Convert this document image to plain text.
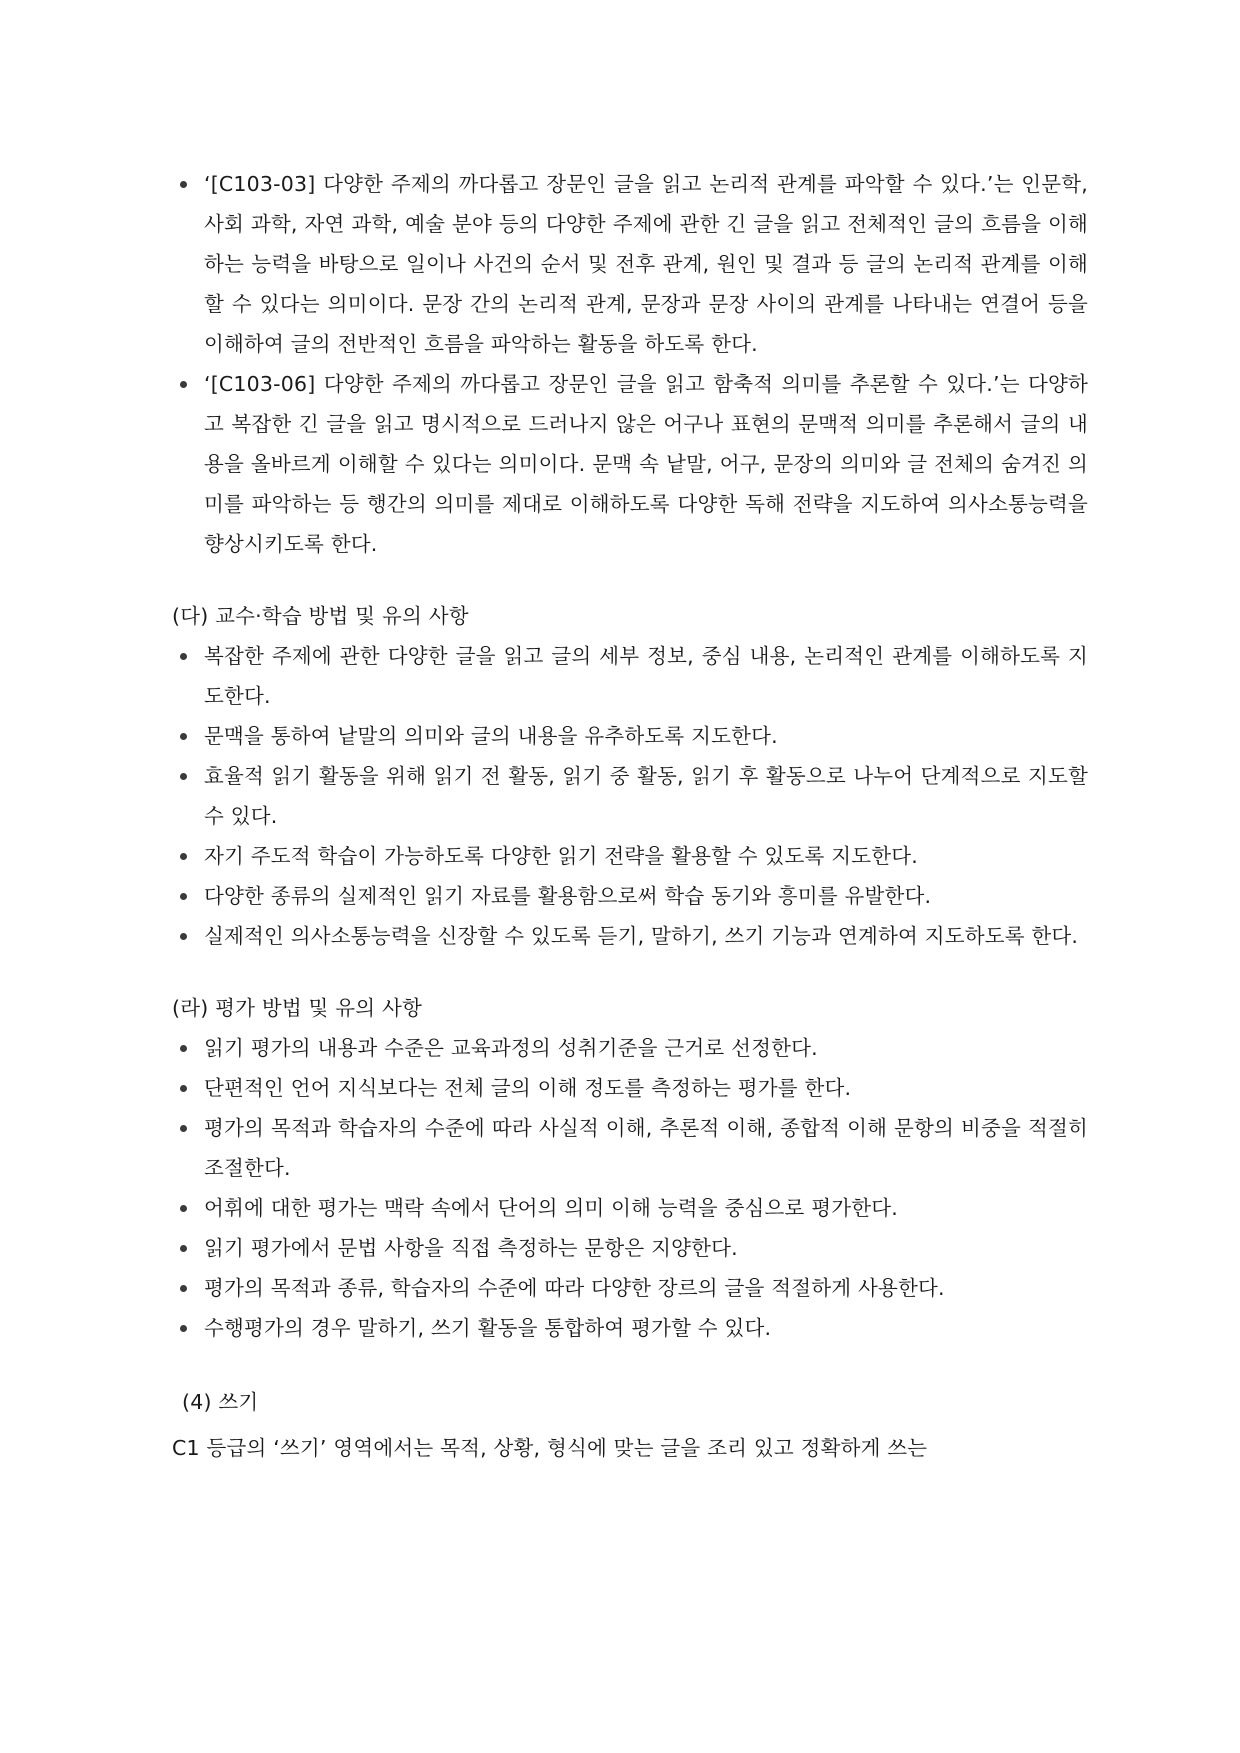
‘[C103-03] 다양한 주제의 까다롭고 장문인 글을 읽고 논리적 관계를 파악할 수 있다.’는 인문학, 사회 과학, 자연 과학, 예술 분야 등의 다양한 주제에 관한 긴 글을 읽고 전체적인 글의 흐름을 이해하는 능력을 바탕으로 일이나 사건의 순서 및 전후 관계, 원인 및 결과 등 글의 논리적 관계를 이해할 수 있다는 의미이다. 문장 간의 논리적 관계, 문장과 문장 사이의 관계를 나타내는 연결어 등을 이해하여 글의 전반적인 흐름을 파악하는 활동을 하도록 한다.
‘[C103-06] 다양한 주제의 까다롭고 장문인 글을 읽고 함축적 의미를 추론할 수 있다.’는 다양하고 복잡한 긴 글을 읽고 명시적으로 드러나지 않은 어구나 표현의 문맥적 의미를 추론해서 글의 내용을 올바르게 이해할 수 있다는 의미이다. 문맥 속 낱말, 어구, 문장의 의미와 글 전체의 숨겨진 의미를 파악하는 등 행간의 의미를 제대로 이해하도록 다양한 독해 전략을 지도하여 의사소통능력을 향상시키도록 한다.

(다) 교수·학습 방법 및 유의 사항

복잡한 주제에 관한 다양한 글을 읽고 글의 세부 정보, 중심 내용, 논리적인 관계를 이해하도록 지도한다.
문맥을 통하여 낱말의 의미와 글의 내용을 유추하도록 지도한다.
효율적 읽기 활동을 위해 읽기 전 활동, 읽기 중 활동, 읽기 후 활동으로 나누어 단계적으로 지도할 수 있다.
자기 주도적 학습이 가능하도록 다양한 읽기 전략을 활용할 수 있도록 지도한다.
다양한 종류의 실제적인 읽기 자료를 활용함으로써 학습 동기와 흥미를 유발한다.
실제적인 의사소통능력을 신장할 수 있도록 듣기, 말하기, 쓰기 기능과 연계하여 지도하도록 한다.

(라) 평가 방법 및 유의 사항

읽기 평가의 내용과 수준은 교육과정의 성취기준을 근거로 선정한다.
단편적인 언어 지식보다는 전체 글의 이해 정도를 측정하는 평가를 한다.
평가의 목적과 학습자의 수준에 따라 사실적 이해, 추론적 이해, 종합적 이해 문항의 비중을 적절히 조절한다.
어휘에 대한 평가는 맥락 속에서 단어의 의미 이해 능력을 중심으로 평가한다.
읽기 평가에서 문법 사항을 직접 측정하는 문항은 지양한다.
평가의 목적과 종류, 학습자의 수준에 따라 다양한 장르의 글을 적절하게 사용한다.
수행평가의 경우 말하기, 쓰기 활동을 통합하여 평가할 수 있다.

(4) 쓰기

C1 등급의 ‘쓰기’ 영역에서는 목적, 상황, 형식에 맞는 글을 조리 있고 정확하게 쓰는
